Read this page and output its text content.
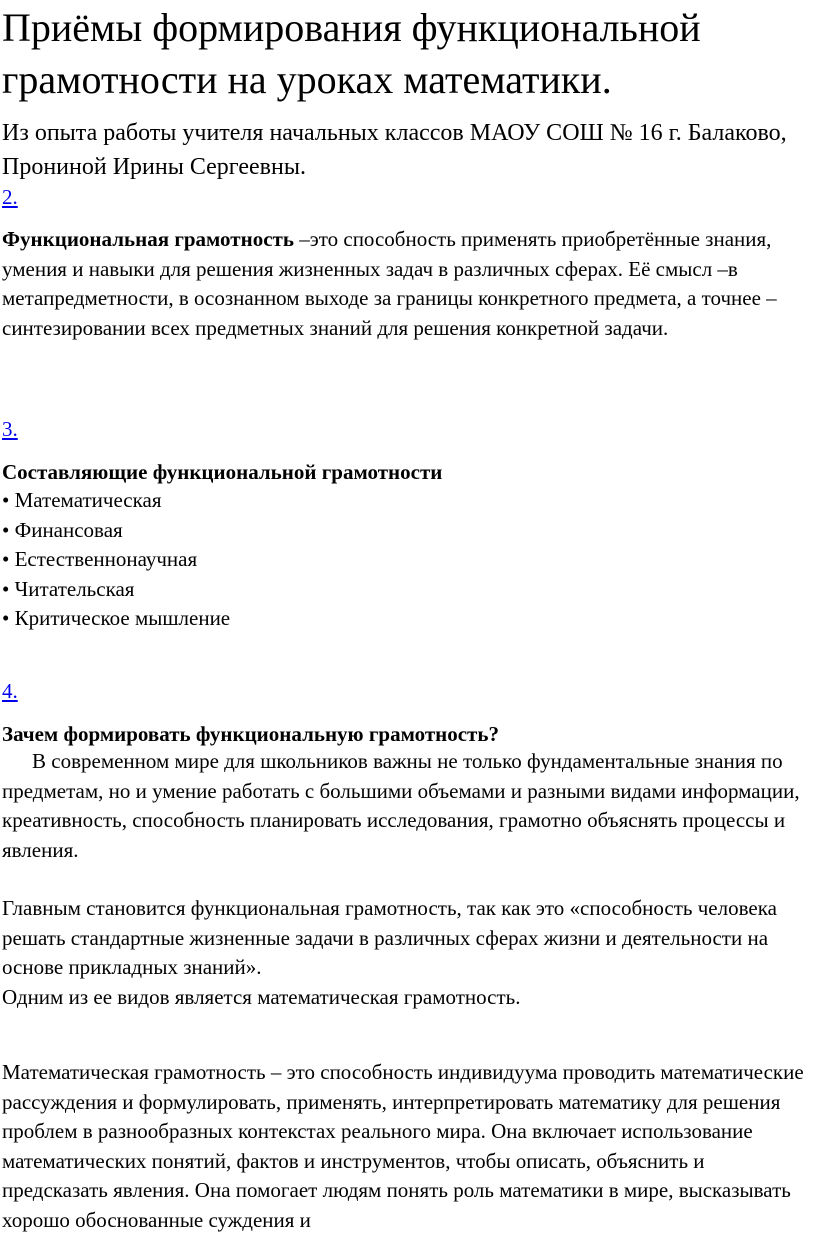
Приёмы формирования функциональной грамотности на уроках математики.

Из опыта работы учителя начальных классов МАОУ СОШ № 16 г. Балаково, Прониной Ирины Сергеевны.

2.

Функциональная грамотность –это способность применять приобретённые знания, умения и навыки для решения жизненных задач в различных сферах. Её смысл –в метапредметности, в осознанном выходе за границы конкретного предмета, а точнее – синтезировании всех предметных знаний для решения конкретной задачи.

3.

Составляющие функциональной грамотности

• Математическая
• Финансовая
• Естественнонаучная
• Читательская
• Критическое мышление
4.

Зачем формировать функциональную грамотность?

В современном мире для школьников важны не только фундаментальные знания по предметам, но и умение работать с большими объемами и разными видами информации, креативность, способность планировать исследования, грамотно объяснять процессы и явления.

Главным становится функциональная грамотность, так как это «способность человека решать стандартные жизненные задачи в различных сферах жизни и деятельности на основе прикладных знаний».

Одним из ее видов является математическая грамотность.

Математическая грамотность – это способность индивидуума проводить математические рассуждения и формулировать, применять, интерпретировать математику для решения проблем в разнообразных контекстах реального мира. Она включает использование математических понятий, фактов и инструментов, чтобы описать, объяснить и предсказать явления. Она помогает людям понять роль математики в мире, высказывать хорошо обоснованные суждения и
